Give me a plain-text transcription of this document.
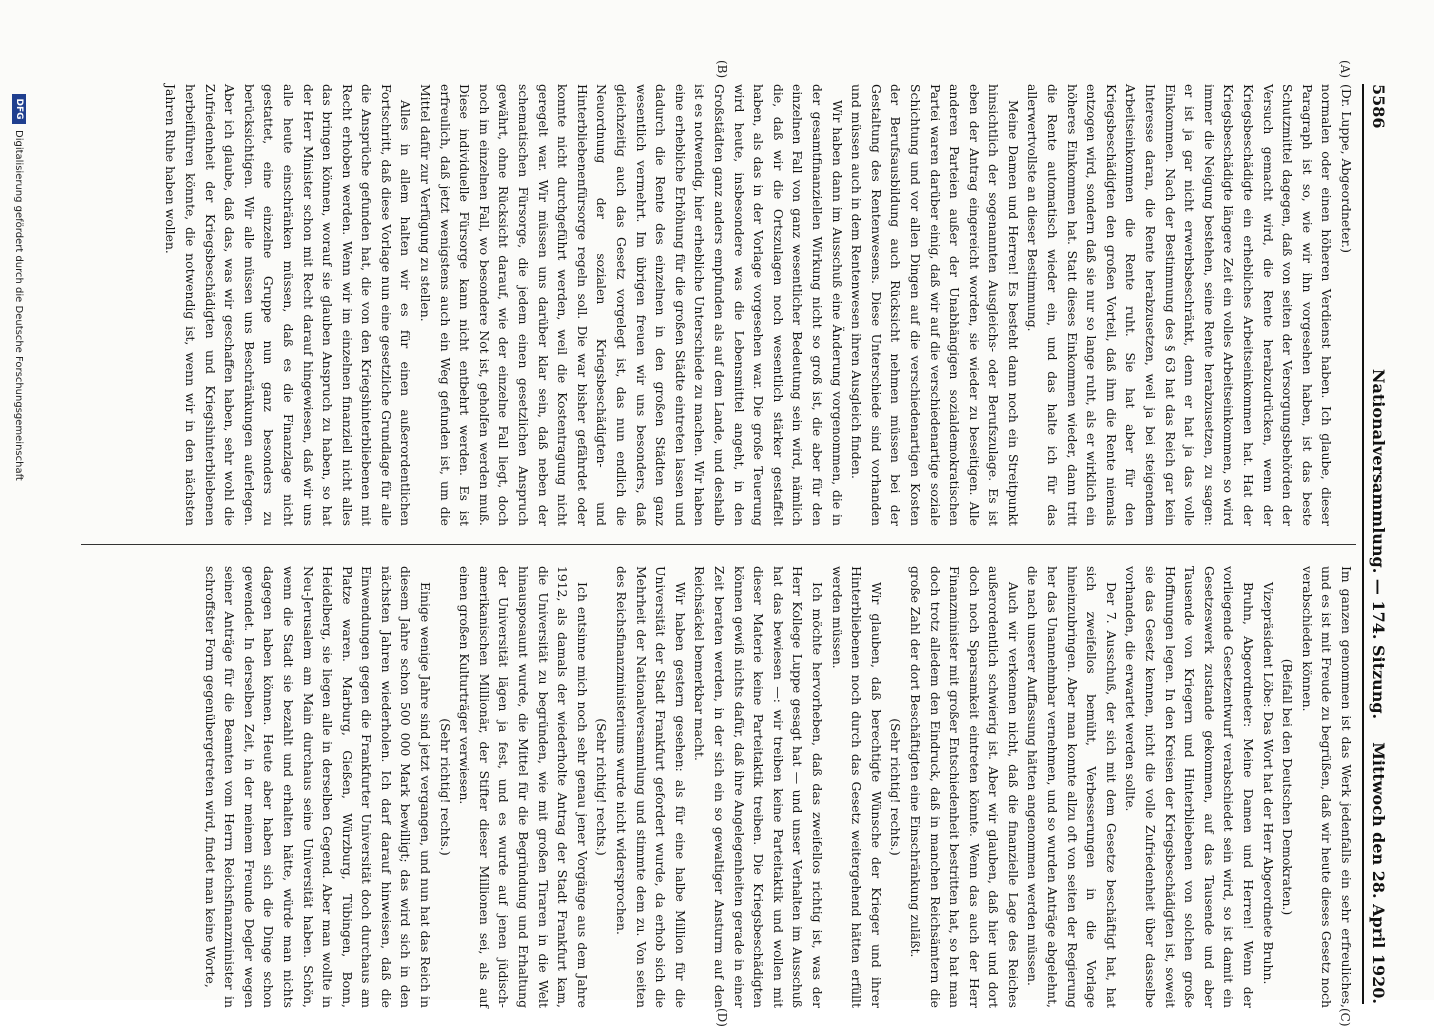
5586
Nationalversammlung. — 174. Sitzung.
Mittwoch den 28. April 1920.
(A)
(B)
(C)
(D)

(Dr. Luppe, Abgeordneter.)

normalen oder einen höheren Verdienst haben. Ich glaube, dieser Paragraph ist so, wie wir ihn vorgesehen haben, ist das beste Schutzmittel dagegen, daß von seiten der Versorgungsbehörden der Versuch gemacht wird, die Rente herabzudrücken, wenn der Kriegsbeschädigte ein erhebliches Arbeitseinkommen hat. Hat der Kriegsbeschädigte längere Zeit ein volles Arbeitseinkommen, so wird immer die Neigung bestehen, seine Rente herabzusetzen, zu sagen: er ist ja gar nicht erwerbsbeschränkt, denn er hat ja das volle Einkommen. Nach der Bestimmung des § 63 hat das Reich gar kein Interesse daran, die Rente herabzusetzen, weil ja bei steigendem Arbeitseinkommen die Rente ruht. Sie hat aber für den Kriegsbeschädigten den großen Vorteil, daß ihm die Rente niemals entzogen wird, sondern daß sie nur so lange ruht, als er wirklich ein höheres Einkommen hat. Statt dieses Einkommen wieder, dann tritt die Rente automatisch wieder ein, und das halte ich für das allerwertvollste an dieser Bestimmung.

Meine Damen und Herren! Es besteht dann noch ein Streitpunkt hinsichtlich der sogenannten Ausgleichs- oder Berufszulage. Es ist eben der Antrag eingereicht worden, sie wieder zu beseitigen. Alle anderen Parteien außer der Unabhängigen sozialdemokratischen Partei waren darüber einig, daß wir auf die verschiedenartige soziale Schichtung und vor allen Dingen auf die verschiedenartigen Kosten der Berufsausbildung auch Rücksicht nehmen müssen bei der Gestaltung des Rentenwesens. Diese Unterschiede sind vorhanden und müssen auch in dem Rentenwesen ihren Ausgleich finden.

Wir haben dann im Ausschuß eine Änderung vorgenommen, die in der gesamtfinanziellen Wirkung nicht so groß ist, die aber für den einzelnen Fall von ganz wesentlicher Bedeutung sein wird, nämlich die, daß wir die Ortszulagen noch wesentlich stärker gestaffelt haben, als das in der Vorlage vorgesehen war. Die große Teuerung wird heute, insbesondere was die Lebensmittel angeht, in den Großstädten ganz anders empfunden als auf dem Lande, und deshalb ist es notwendig, hier erhebliche Unterschiede zu machen. Wir haben eine erhebliche Erhöhung für die großen Städte eintreten lassen und dadurch die Rente des einzelnen in den großen Städten ganz wesentlich vermehrt. Im übrigen freuen wir uns besonders, daß gleichzeitig auch das Gesetz vorgelegt ist, das nun endlich die Neuordnung der sozialen Kriegsbeschädigten- und Hinterbliebenenfürsorge regeln soll. Die war bisher gefährdet oder konnte nicht durchgeführt werden, weil die Kostentragung nicht geregelt war. Wir müssen uns darüber klar sein, daß neben der schematischen Fürsorge, die jedem einen gesetzlichen Anspruch gewährt, ohne Rücksicht darauf, wie der einzelne Fall liegt, doch noch im einzelnen Fall, wo besondere Not ist, geholfen werden muß. Diese individuelle Fürsorge kann nicht entbehrt werden. Es ist erfreulich, daß jetzt wenigstens auch ein Weg gefunden ist, um die Mittel dafür zur Verfügung zu stellen.

Alles in allem halten wir es für einen außerordentlichen Fortschritt, daß diese Vorlage nun eine gesetzliche Grundlage für alle die Ansprüche gefunden hat, die von den Kriegshinterbliebenen mit Recht erhoben werden. Wenn wir im einzelnen finanziell nicht alles das bringen können, worauf sie glauben Anspruch zu haben, so hat der Herr Minister schon mit Recht darauf hingewiesen, daß wir uns alle heute einschränken müssen, daß es die Finanzlage nicht gestattet, eine einzelne Gruppe nun ganz besonders zu berücksichtigen. Wir alle müssen uns Beschränkungen auferlegen. Aber ich glaube, daß das, was wir geschaffen haben, sehr wohl die Zufriedenheit der Kriegsbeschädigten und Kriegshinterbliebenen herbeiführen könnte, die notwendig ist, wenn wir in den nächsten Jahren Ruhe haben wollen.

Im ganzen genommen ist das Werk jedenfalls ein sehr erfreuliches, und es ist mit Freude zu begrüßen, daß wir heute dieses Gesetz noch verabschieden können.

(Beifall bei den Deutschen Demokraten.)

Vizepräsident Löbe: Das Wort hat der Herr Abgeordnete Bruhn.

Bruhn, Abgeordneter: Meine Damen und Herren! Wenn der vorliegende Gesetzentwurf verabschiedet sein wird, so ist damit ein Gesetzeswerk zustande gekommen, auf das Tausende und aber Tausende von Kriegern und Hinterbliebenen von solchen große Hoffnungen legen. In den Kreisen der Kriegsbeschädigten ist, soweit sie das Gesetz kennen, nicht die volle Zufriedenheit über dasselbe vorhanden, die erwartet werden sollte.

Der 7. Ausschuß, der sich mit dem Gesetze beschäftigt hat, hat sich zweifellos bemüht, Verbesserungen in die Vorlage hineinzubringen. Aber man konnte allzu oft von seiten der Regierung her das Unannehmbar vernehmen, und so wurden Anträge abgelehnt, die nach unserer Auffassung hätten angenommen werden müssen.

Auch wir verkennen nicht, daß die finanzielle Lage des Reiches außerordentlich schwierig ist. Aber wir glauben, daß hier und dort doch noch Sparsamkeit eintreten könnte. Wenn das auch der Herr Finanzminister mit großer Entschiedenheit bestritten hat, so hat man doch trotz alledem den Eindruck, daß in manchen Reichsämtern die große Zahl der dort Beschäftigten eine Einschränkung zuläßt.

(Sehr richtig! rechts.)

Wir glauben, daß berechtigte Wünsche der Krieger und ihrer Hinterbliebenen noch durch das Gesetz weitergehend hätten erfüllt werden müssen.

Ich möchte hervorheben, daß das zweifellos richtig ist, was der Herr Kollege Luppe gesagt hat — und unser Verhalten im Ausschuß hat das bewiesen —: wir treiben keine Parteitaktik und wollen mit dieser Materie keine Parteitaktik treiben. Die Kriegsbeschädigten können gewiß nichts dafür, daß ihre Angelegenheiten gerade in einer Zeit beraten werden, in der sich ein so gewaltiger Ansturm auf den Reichsäckel bemerkbar macht.

Wir haben gestern gesehen: als für eine halbe Million für die Universität der Stadt Frankfurt gefordert wurde, da erhob sich die Mehrheit der Nationalversammlung und stimmte dem zu. Von seiten des Reichsfinanzministeriums wurde nicht widersprochen.

(Sehr richtig! rechts.)

Ich entsinne mich noch sehr genau jener Vorgänge aus dem Jahre 1912, als damals der wiederholte Antrag der Stadt Frankfurt kam, die Universität zu begründen, wie mit großen Tiraren in die Welt hinausposaunt wurde, die Mittel für die Begründung und Erhaltung der Universität lägen ja fest, und es wurde auf jenen jüdisch-amerikanischen Millionär, der Stifter dieser Millionen sei, als auf einen großen Kulturträger verwiesen.

(Sehr richtig! rechts.)

Einige wenige Jahre sind jetzt vergangen, und nun hat das Reich in diesem Jahre schon 500 000 Mark bewilligt; das wird sich in den nächsten Jahren wiederholen. Ich darf darauf hinweisen, daß die Einwendungen gegen die Frankfurter Universität doch durchaus am Platze waren. Marburg, Gießen, Würzburg, Tübingen, Bonn, Heidelberg, sie liegen alle in derselben Gegend. Aber man wollte in Neu-Jerusalem am Main durchaus seine Universität haben. Schön, wenn die Stadt sie bezahlt und erhalten hätte, würde man nichts dagegen haben können. Heute aber haben sich die Dinge schon gewendet. In derselben Zeit, in der meinem Freunde Degler wegen seiner Anträge für die Beamten vom Herrn Reichsfinanzminister in schroffster Form gegenübergetreten wird, findet man keine Worte,

DFG
Digitalisierung gefördert durch die Deutsche Forschungsgemeinschaft
